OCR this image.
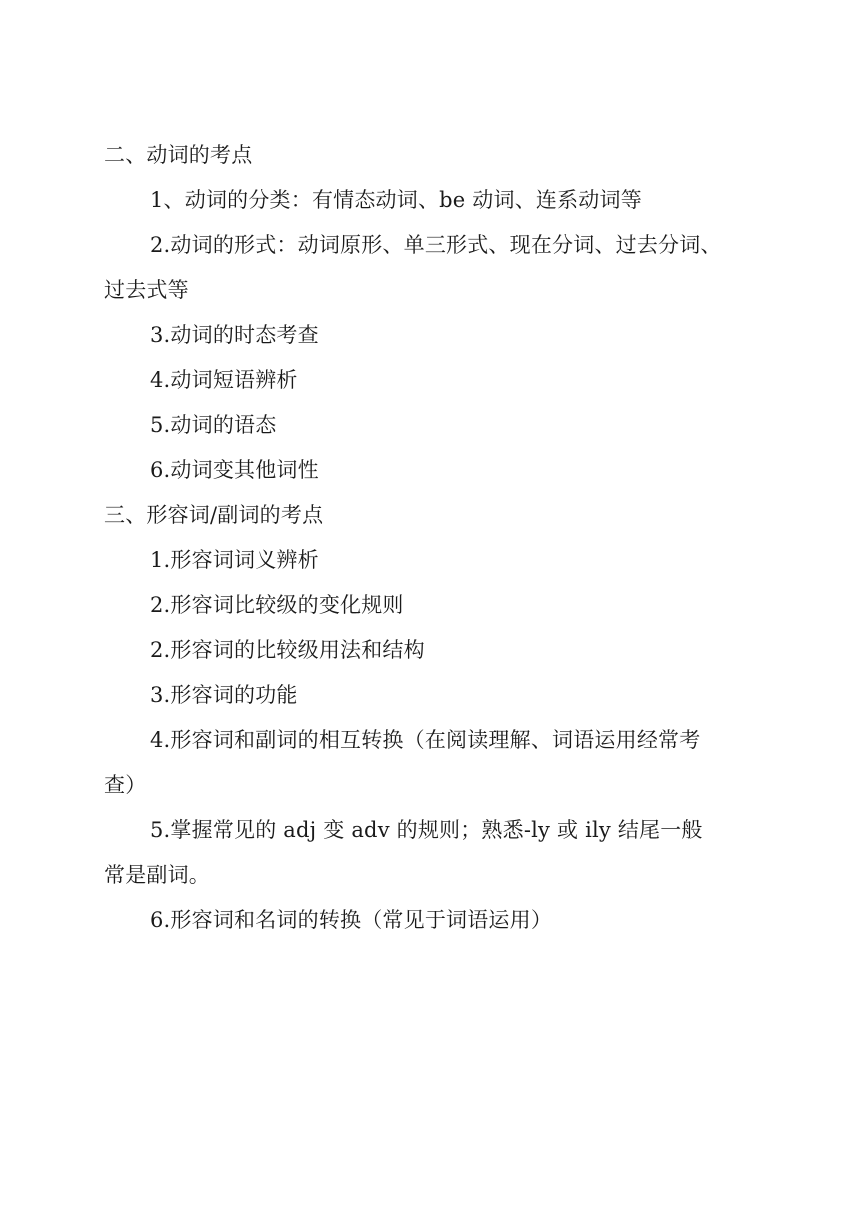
二、动词的考点
1、动词的分类：有情态动词、be 动词、连系动词等
2.动词的形式：动词原形、单三形式、现在分词、过去分词、
过去式等
3.动词的时态考查
4.动词短语辨析
5.动词的语态
6.动词变其他词性
三、形容词/副词的考点
1.形容词词义辨析
2.形容词比较级的变化规则
2.形容词的比较级用法和结构
3.形容词的功能
4.形容词和副词的相互转换（在阅读理解、词语运用经常考
查）
5.掌握常见的 adj 变 adv 的规则；熟悉-ly 或 ily 结尾一般
常是副词。
6.形容词和名词的转换（常见于词语运用）
